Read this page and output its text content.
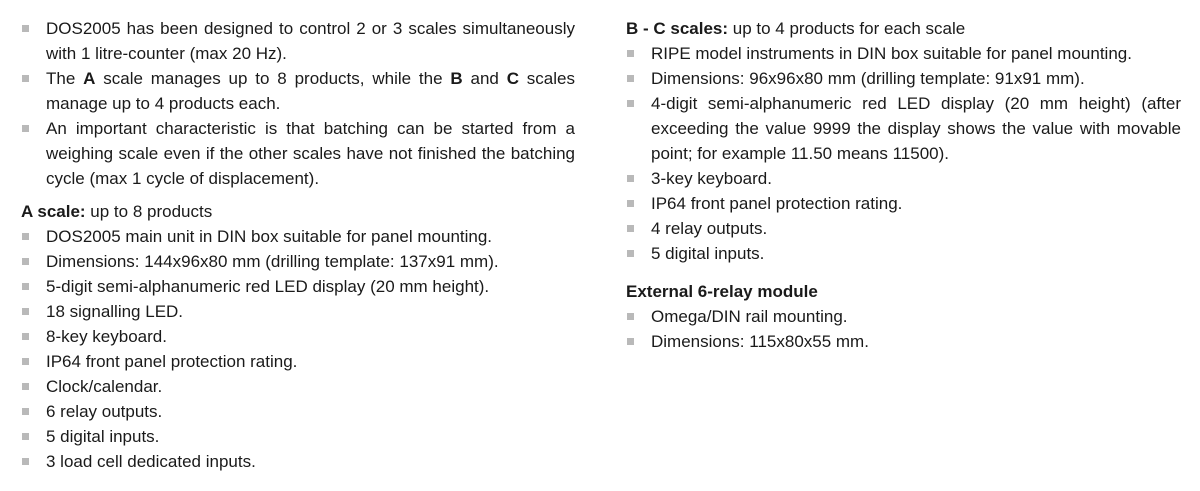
DOS2005 has been designed to control 2 or 3 scales simultaneously with 1 litre-counter (max 20 Hz).
The A scale manages up to 8 products, while the B and C scales manage up to 4 products each.
An important characteristic is that batching can be started from a weighing scale even if the other scales have not finished the batching cycle (max 1 cycle of displacement).

A scale: up to 8 products

DOS2005 main unit in DIN box suitable for panel mounting.
Dimensions: 144x96x80 mm (drilling template: 137x91 mm).
5-digit semi-alphanumeric red LED display (20 mm height).
18 signalling LED.
8-key keyboard.
IP64 front panel protection rating.
Clock/calendar.
6 relay outputs.
5 digital inputs.
3 load cell dedicated inputs.

B - C scales: up to 4 products for each scale

RIPE model instruments in DIN box suitable for panel mounting.
Dimensions: 96x96x80 mm (drilling template: 91x91 mm).
4-digit semi-alphanumeric red LED display (20 mm height) (after exceeding the value 9999 the display shows the value with movable point; for example 11.50 means 11500).
3-key keyboard.
IP64 front panel protection rating.
4 relay outputs.
5 digital inputs.

External 6-relay module

Omega/DIN rail mounting.
Dimensions: 115x80x55 mm.
